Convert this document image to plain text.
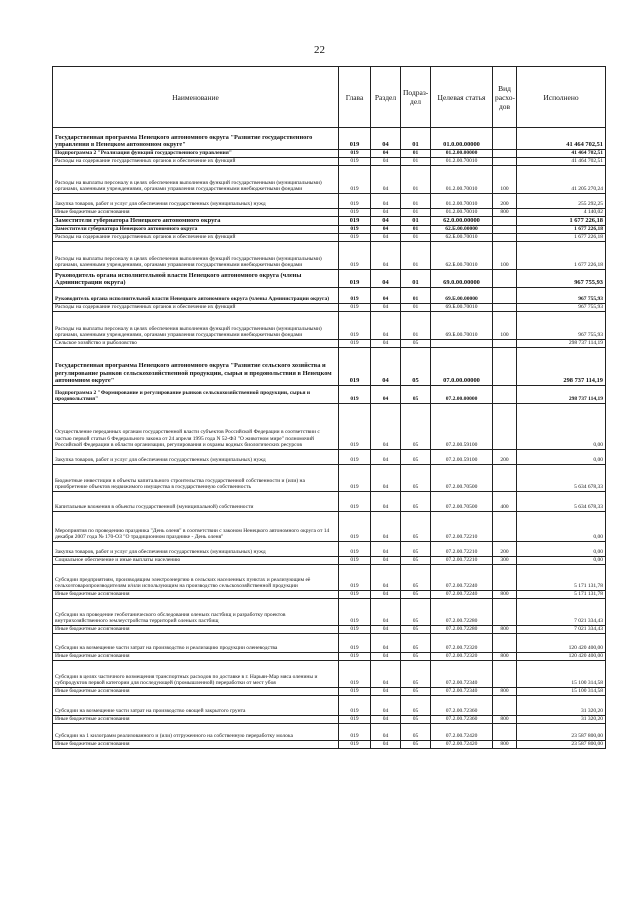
22
Наименование	Глава	Раздел	Подраз-дел	Целевая статья	Вид расхо-дов	Исполнено
Государственная программа Ненецкого автономного округа "Развитие государственного управления в Ненецком автономном округе"	019	04	01	01.0.00.00000		41 464 702,51
Подпрограмма 2 "Реализация функций государственного управления"	019	04	01	01.2.00.00000		41 464 702,51
Расходы на содержание государственных органов и обеспечение их функций	019	04	01	01.2.00.70010		41 464 702,51
Расходы на выплаты персоналу в целях обеспечения выполнения функций государственными (муниципальными) органами, казенными учреждениями, органами управления государственными внебюджетными фондами	019	04	01	01.2.00.70010	100	41 205 270,24
Закупка товаров, работ и услуг для обеспечения государственных (муниципальных) нужд	019	04	01	01.2.00.70010	200	255 292,25
Иные бюджетные ассигнования	019	04	01	01.2.00.70010	800	4 140,02
Заместители губернатора Ненецкого автономного округа	019	04	01	62.0.00.00000		1 677 226,18
Заместители губернатора Ненецкого автономного округа	019	04	01	62.Б.00.00000		1 677 226,18
Расходы на содержание государственных органов и обеспечение их функций	019	04	01	62.Б.00.70010		1 677 226,18
Расходы на выплаты персоналу в целях обеспечения выполнения функций государственными (муниципальными) органами, казенными учреждениями, органами управления государственными внебюджетными фондами	019	04	01	62.Б.00.70010	100	1 677 226,18
Руководитель органа исполнительной власти Ненецкого автономного округа (члены Администрации округа)	019	04	01	69.0.00.00000		967 755,93
Руководитель органа исполнительной власти Ненецкого автономного округа (члены Администрации округа)	019	04	01	69.Б.00.00000		967 755,93
Расходы на содержание государственных органов и обеспечение их функций	019	04	01	69.Б.00.70010		967 755,93
Расходы на выплаты персоналу в целях обеспечения выполнения функций государственными (муниципальными) органами, казенными учреждениями, органами управления государственными внебюджетными фондами	019	04	01	69.Б.00.70010	100	967 755,93
Сельское хозяйство и рыболовство	019	04	05			298 737 114,19
Государственная программа Ненецкого автономного округа "Развитие сельского хозяйства и регулирование рынков сельскохозяйственной продукции, сырья и продовольствия в Ненецком автономном округе"	019	04	05	07.0.00.00000		298 737 114,19
Подпрограмма 2 "Формирование и регулирование рынков сельскохозяйственной продукции, сырья и продовольствия"	019	04	05	07.2.00.00000		298 737 114,19
Осуществление переданных органам государственной власти субъектов Российской Федерации в соответствии с частью первой статьи 6 Федерального закона от 24 апреля 1995 года N 52-ФЗ "О животном мире" полномочий Российской Федерации в области организации, регулирования и охраны водных биологических ресурсов	019	04	05	07.2.00.59100		0,00
Закупка товаров, работ и услуг для обеспечения государственных (муниципальных) нужд	019	04	05	07.2.00.59100	200	0,00
Бюджетные инвестиции в объекты капитального строительства государственной собственности и (или) на приобретение объектов недвижимого имущества в государственную собственность	019	04	05	07.2.00.70500		5 634 678,33
Капитальные вложения в объекты государственной (муниципальной) собственности	019	04	05	07.2.00.70500	400	5 634 678,33
Мероприятия по проведению праздника "День оленя" в соответствии с законом Ненецкого автономного округа от 14 декабря 2007 года № 170-ОЗ "О традиционном празднике - День оленя"	019	04	05	07.2.00.72210		0,00
Закупка товаров, работ и услуг для обеспечения государственных (муниципальных) нужд	019	04	05	07.2.00.72210	200	0,00
Социальное обеспечение и иные выплаты населению	019	04	05	07.2.00.72210	300	0,00
Субсидии предприятиям, производящим электроэнергию в сельских населенных пунктах и реализующим её сельхозтоваропроизводителям и/или использующим на производство сельскохозяйственной продукции	019	04	05	07.2.00.72240		5 171 131,78
Иные бюджетные ассигнования	019	04	05	07.2.00.72240	800	5 171 131,78
Субсидии на проведение геоботанического обследования оленьих пастбищ и разработку проектов внутрихозяйственного землеустройства территорий оленьих пастбищ	019	04	05	07.2.00.72280		7 021 334,43
Иные бюджетные ассигнования	019	04	05	07.2.00.72280	800	7 021 334,43
Субсидии на возмещение части затрат на производство и реализацию продукции оленеводства	019	04	05	07.2.00.72320		120 420 400,00
Иные бюджетные ассигнования	019	04	05	07.2.00.72320	800	120 420 400,00
Субсидии в целях частичного возмещения транспортных расходов по доставке в г. Нарьян-Мар мяса оленины и субпродуктов первой категории для последующей (промышленной) переработки от мест убоя	019	04	05	07.2.00.72340		15 100 314,58
Иные бюджетные ассигнования	019	04	05	07.2.00.72340	800	15 100 314,58
Субсидии на возмещение части затрат на производство овощей закрытого грунта	019	04	05	07.2.00.72360		31 320,20
Иные бюджетные ассигнования	019	04	05	07.2.00.72360	800	31 320,20
Субсидии на 1 килограмм реализованного и (или) отгруженного на собственную переработку молока	019	04	05	07.2.00.72420		23 587 800,00
Иные бюджетные ассигнования	019	04	05	07.2.00.72420	800	23 587 800,00
